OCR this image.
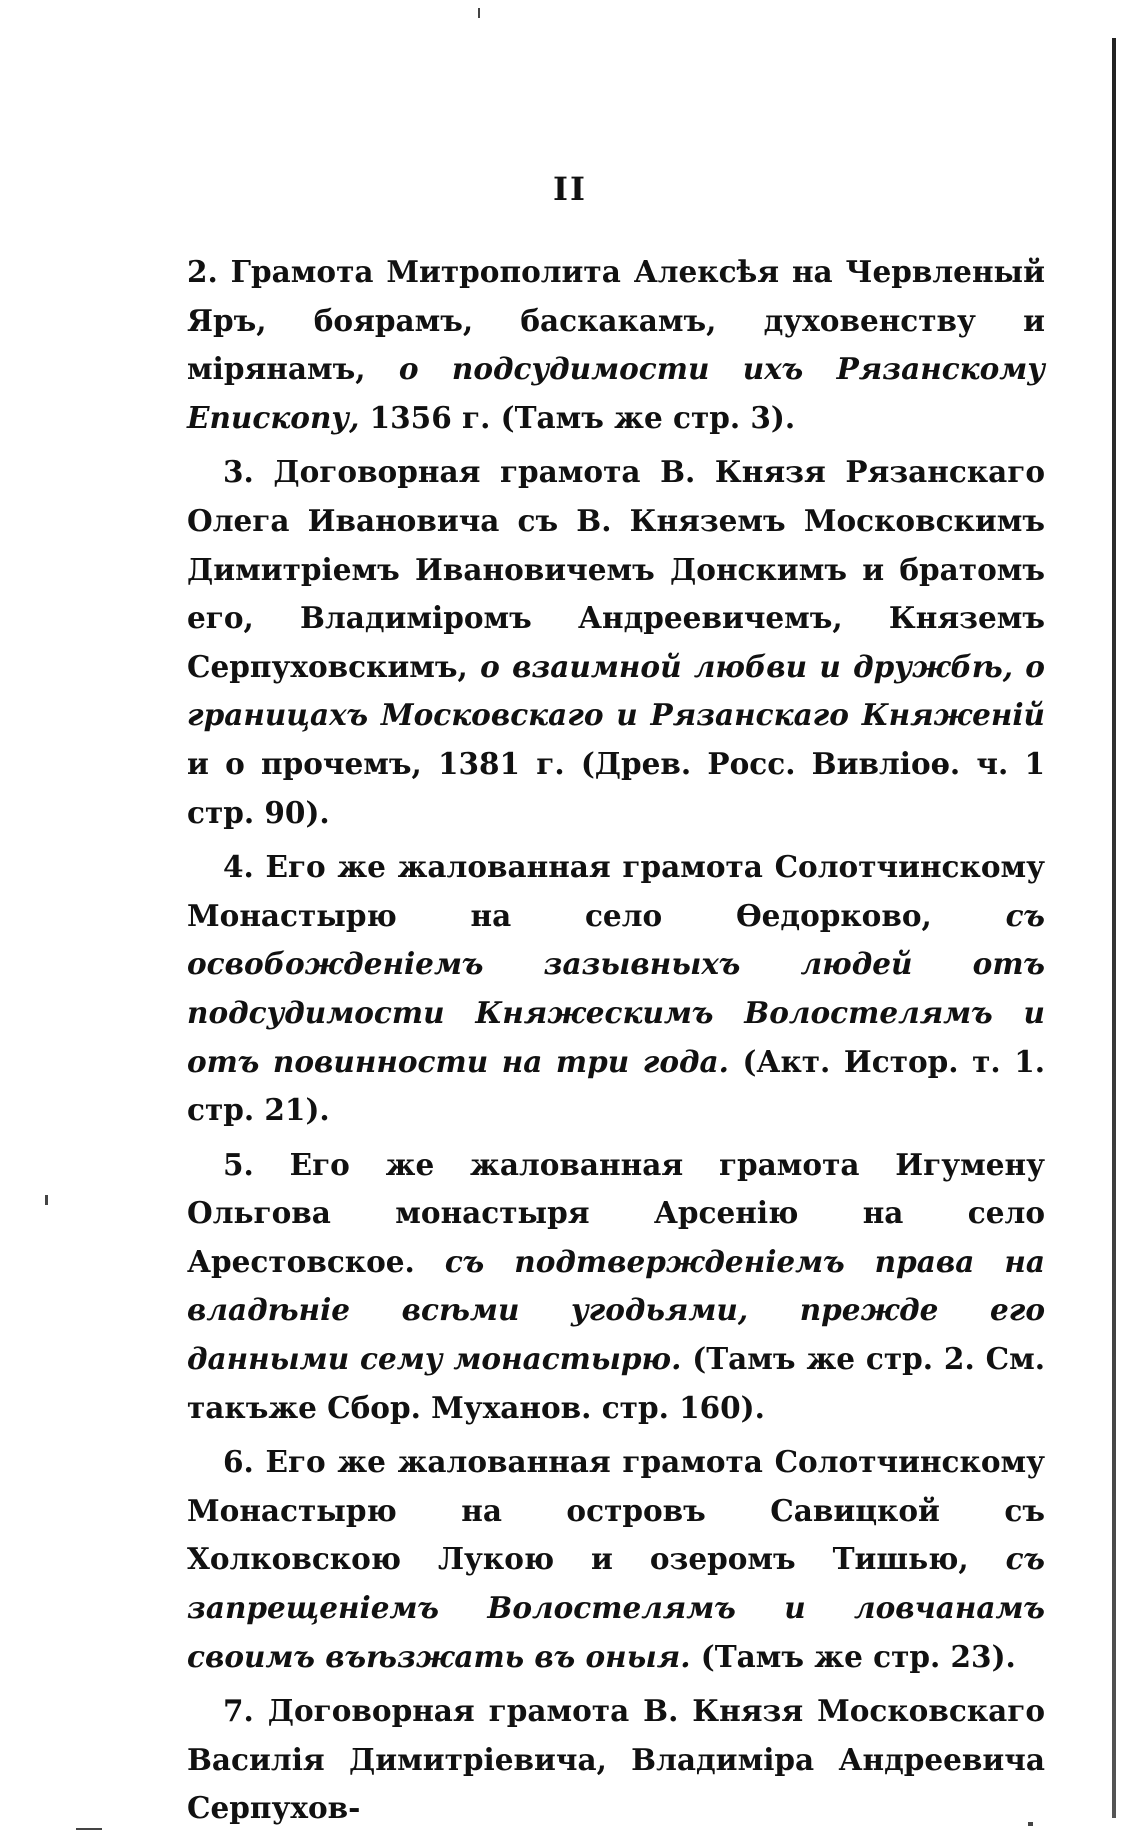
II

2. Грамота Митрополита Алексѣя на Червленый Яръ, боярамъ, баскакамъ, духовенству и мірянамъ, о подсудимости ихъ Рязанскому Епископу, 1356 г. (Тамъ же стр. 3).

3. Договорная грамота В. Князя Рязанскаго Олега Ивановича съ В. Княземъ Московскимъ Димитріемъ Ивановичемъ Донскимъ и братомъ его, Владиміромъ Андреевичемъ, Княземъ Серпуховскимъ, о взаимной любви и дружбѣ, о границахъ Московскаго и Рязанскаго Княженій и о прочемъ, 1381 г. (Древ. Росс. Вивліоѳ. ч. 1 стр. 90).

4. Его же жалованная грамота Солотчинскому Монастырю на село Ѳедорково, съ освобожденіемъ зазывныхъ людей отъ подсудимости Княжескимъ Волостелямъ и отъ повинности на три года. (Акт. Истор. т. 1. стр. 21).

5. Его же жалованная грамота Игумену Ольгова монастыря Арсенію на село Арестовское. съ подтвержденіемъ права на владѣніе всѣми угодьями, прежде его данными сему монастырю. (Тамъ же стр. 2. См. такъже Сбор. Муханов. стр. 160).

6. Его же жалованная грамота Солотчинскому Монастырю на островъ Савицкой съ Холковскою Лукою и озеромъ Тишью, съ запрещеніемъ Волостелямъ и ловчанамъ своимъ въѣзжать въ оныя. (Тамъ же стр. 23).

7. Договорная грамота В. Князя Московскаго Василія Димитріевича, Владиміра Андреевича Серпухов-
